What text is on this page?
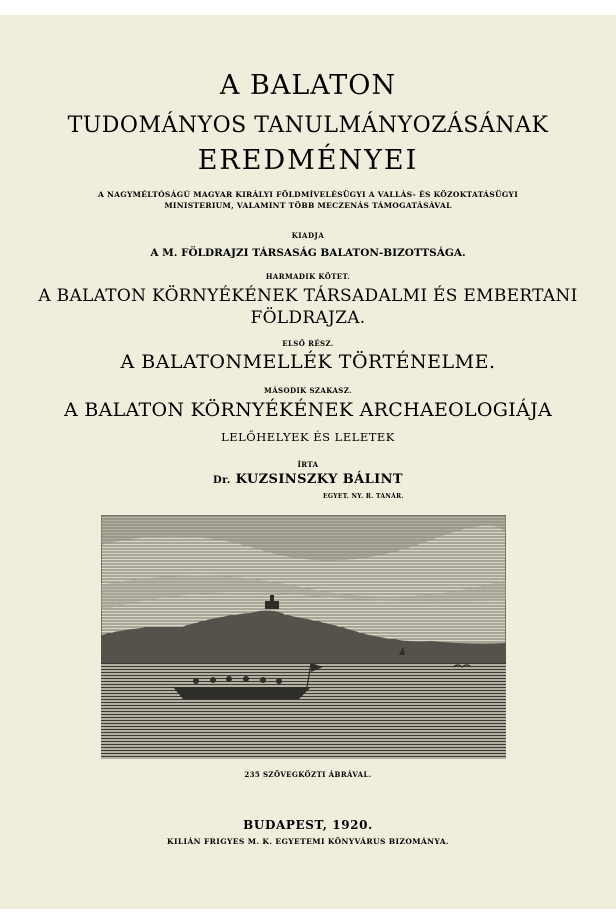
A BALATON
TUDOMÁNYOS TANULMÁNYOZÁSÁNAK
EREDMÉNYEI
A NAGYMÉLTÓSÁGÚ MAGYAR KIRÁLYI FÖLDMÍVELÉSÜGYI A VALLÁS- ÉS KÖZOKTATÁSÜGYI
MINISTERIUM, VALAMINT TÖBB MECZENÁS TÁMOGATÁSÁVAL
KIADJA
A M. FÖLDRAJZI TÁRSASÁG BALATON-BIZOTTSÁGA.
HARMADIK KÖTET.
A BALATON KÖRNYÉKÉNEK TÁRSADALMI ÉS EMBERTANI
FÖLDRAJZA.
ELSŐ RÉSZ.
A BALATONMELLÉK TÖRTÉNELME.
MÁSODIK SZAKASZ.
A BALATON KÖRNYÉKÉNEK ARCHAEOLOGIÁJA
LELŐHELYEK ÉS LELETEK
ÍRTA
Dr. KUZSINSZKY BÁLINT
EGYET. NY. R. TANÁR.
235 SZÖVEGKÖZTI ÁBRÁVAL.
BUDAPEST, 1920.
KILIÁN FRIGYES M. K. EGYETEMI KÖNYVÁRUS BIZOMÁNYA.
